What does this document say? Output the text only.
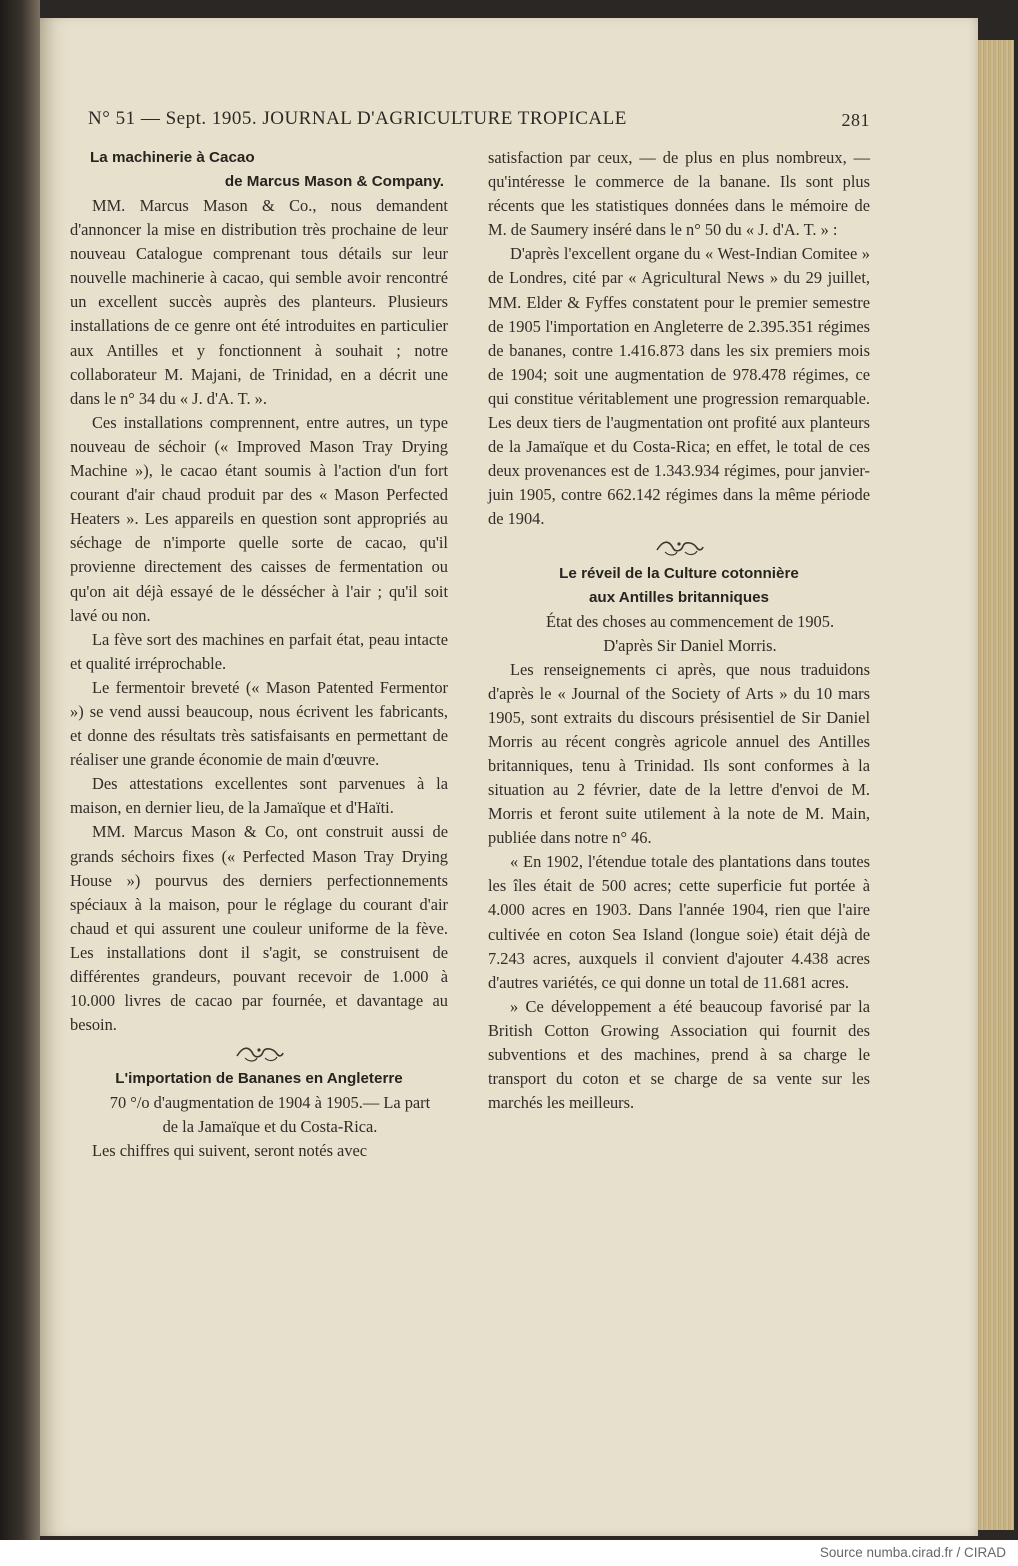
N° 51 — Sept. 1905. JOURNAL D'AGRICULTURE TROPICALE	281
La machinerie à Cacao
de Marcus Mason & Company.

MM. Marcus Mason & Co., nous demandent d'annoncer la mise en distribution très prochaine de leur nouveau Catalogue comprenant tous détails sur leur nouvelle machinerie à cacao, qui semble avoir rencontré un excellent succès auprès des planteurs. Plusieurs installations de ce genre ont été introduites en particulier aux Antilles et y fonctionnent à souhait ; notre collaborateur M. Majani, de Trinidad, en a décrit une dans le n° 34 du « J. d'A. T. ».

Ces installations comprennent, entre autres, un type nouveau de séchoir (« Improved Mason Tray Drying Machine »), le cacao étant soumis à l'action d'un fort courant d'air chaud produit par des « Mason Perfected Heaters ». Les appareils en question sont appropriés au séchage de n'importe quelle sorte de cacao, qu'il provienne directement des caisses de fermentation ou qu'on ait déjà essayé de le déssécher à l'air ; qu'il soit lavé ou non.

La fève sort des machines en parfait état, peau intacte et qualité irréprochable.

Le fermentoir breveté (« Mason Patented Fermentor ») se vend aussi beaucoup, nous écrivent les fabricants, et donne des résultats très satisfaisants en permettant de réaliser une grande économie de main d'œuvre.

Des attestations excellentes sont parvenues à la maison, en dernier lieu, de la Jamaïque et d'Haïti.

MM. Marcus Mason & Co, ont construit aussi de grands séchoirs fixes (« Perfected Mason Tray Drying House ») pourvus des derniers perfectionnements spéciaux à la maison, pour le réglage du courant d'air chaud et qui assurent une couleur uniforme de la fève. Les installations dont il s'agit, se construisent de différentes grandeurs, pouvant recevoir de 1.000 à 10.000 livres de cacao par fournée, et davantage au besoin.

L'importation de Bananes en Angleterre

70 °/o d'augmentation de 1904 à 1905.— La part

de la Jamaïque et du Costa-Rica.

Les chiffres qui suivent, seront notés avec

satisfaction par ceux, — de plus en plus nombreux, — qu'intéresse le commerce de la banane. Ils sont plus récents que les statistiques données dans le mémoire de M. de Saumery inséré dans le n° 50 du « J. d'A. T. » :

D'après l'excellent organe du « West-Indian Comitee » de Londres, cité par « Agricultural News » du 29 juillet, MM. Elder & Fyffes constatent pour le premier semestre de 1905 l'importation en Angleterre de 2.395.351 régimes de bananes, contre 1.416.873 dans les six premiers mois de 1904; soit une augmentation de 978.478 régimes, ce qui constitue véritablement une progression remarquable. Les deux tiers de l'augmentation ont profité aux planteurs de la Jamaïque et du Costa-Rica; en effet, le total de ces deux provenances est de 1.343.934 régimes, pour janvier-juin 1905, contre 662.142 régimes dans la même période de 1904.

Le réveil de la Culture cotonnière
aux Antilles britanniques

État des choses au commencement de 1905.

D'après Sir Daniel Morris.

Les renseignements ci après, que nous traduidons d'après le « Journal of the Society of Arts » du 10 mars 1905, sont extraits du discours présisentiel de Sir Daniel Morris au récent congrès agricole annuel des Antilles britanniques, tenu à Trinidad. Ils sont conformes à la situation au 2 février, date de la lettre d'envoi de M. Morris et feront suite utilement à la note de M. Main, publiée dans notre n° 46.

« En 1902, l'étendue totale des plantations dans toutes les îles était de 500 acres; cette superficie fut portée à 4.000 acres en 1903. Dans l'année 1904, rien que l'aire cultivée en coton Sea Island (longue soie) était déjà de 7.243 acres, auxquels il convient d'ajouter 4.438 acres d'autres variétés, ce qui donne un total de 11.681 acres.

» Ce développement a été beaucoup favorisé par la British Cotton Growing Association qui fournit des subventions et des machines, prend à sa charge le transport du coton et se charge de sa vente sur les marchés les meilleurs.

Source numba.cirad.fr / CIRAD
